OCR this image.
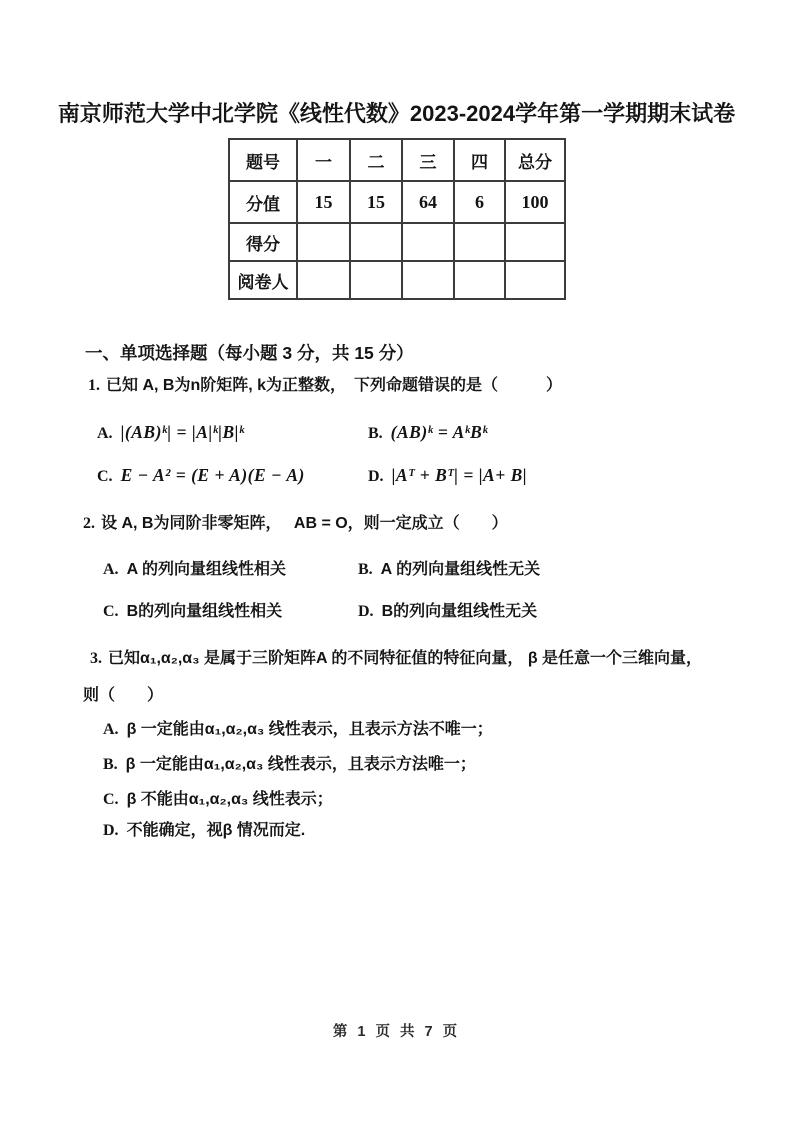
南京师范大学中北学院《线性代数》2023-2024学年第一学期期末试卷
题号	一	二	三	四	总分
分值	15	15	64	6	100
得分					
阅卷人					
一、单项选择题（每小题 3 分，共 15 分）
1. 已知 A, B为n阶矩阵, k为正整数，　下列命题错误的是（　　　）
A. |(AB)ᵏ| = |A|ᵏ|B|ᵏ	B. (AB)ᵏ = AᵏBᵏ
C. E − A² = (E + A)(E − A)	D. |Aᵀ + Bᵀ| = |A+ B|
2. 设 A, B为同阶非零矩阵，　 AB = O，则一定成立（　　）
A. A 的列向量组线性相关	B. A 的列向量组线性无关
C. B的列向量组线性相关	D. B的列向量组线性无关
3. 已知α₁,α₂,α₃ 是属于三阶矩阵A 的不同特征值的特征向量， β 是任意一个三维向量，
则（　　）
A. β 一定能由α₁,α₂,α₃ 线性表示，且表示方法不唯一；
B. β 一定能由α₁,α₂,α₃ 线性表示，且表示方法唯一；
C. β 不能由α₁,α₂,α₃ 线性表示；
D. 不能确定，视β 情况而定.
第 1 页 共 7 页
